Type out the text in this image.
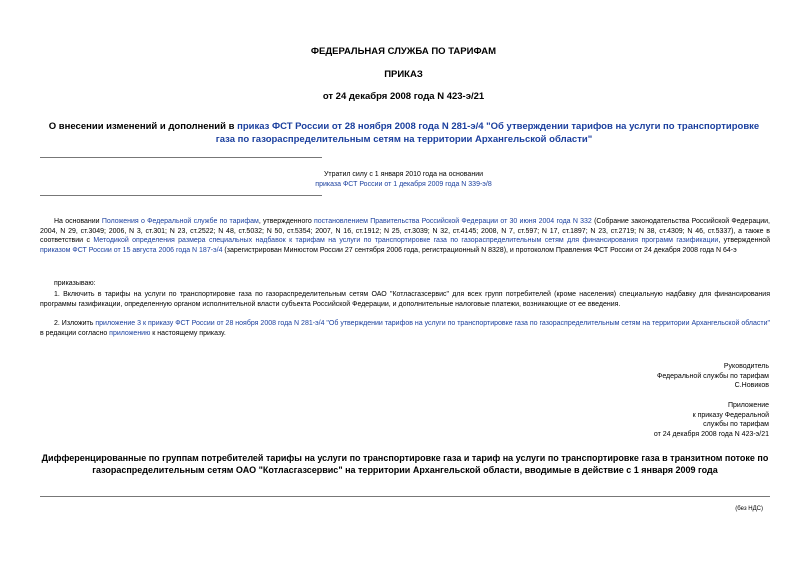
ФЕДЕРАЛЬНАЯ СЛУЖБА ПО ТАРИФАМ
ПРИКАЗ
от 24 декабря 2008 года N 423-э/21
О внесении изменений и дополнений в приказ ФСТ России от 28 ноября 2008 года N 281-э/4 "Об утверждении тарифов на услуги по транспортировке газа по газораспределительным сетям на территории Архангельской области"
Утратил силу с 1 января 2010 года на основании
приказа ФСТ России от 1 декабря 2009 года N 339-э/8
На основании Положения о Федеральной службе по тарифам, утвержденного постановлением Правительства Российской Федерации от 30 июня 2004 года N 332 (Собрание законодательства Российской Федерации, 2004, N 29, ст.3049; 2006, N 3, ст.301; N 23, ст.2522; N 48, ст.5032; N 50, ст.5354; 2007, N 16, ст.1912; N 25, ст.3039; N 32, ст.4145; 2008, N 7, ст.597; N 17, ст.1897; N 23, ст.2719; N 38, ст.4309; N 46, ст.5337), а также в соответствии с Методикой определения размера специальных надбавок к тарифам на услуги по транспортировке газа по газораспределительным сетям для финансирования программ газификации, утвержденной приказом ФСТ России от 15 августа 2006 года N 187-э/4 (зарегистрирован Минюстом России 27 сентября 2006 года, регистрационный N 8328), и протоколом Правления ФСТ России от 24 декабря 2008 года N 64-э
приказываю:
1. Включить в тарифы на услуги по транспортировке газа по газораспределительным сетям ОАО "Котласгазсервис" для всех групп потребителей (кроме населения) специальную надбавку для финансирования программы газификации, определенную органом исполнительной власти субъекта Российской Федерации, и дополнительные налоговые платежи, возникающие от ее введения.
2. Изложить приложение 3 к приказу ФСТ России от 28 ноября 2008 года N 281-э/4 "Об утверждении тарифов на услуги по транспортировке газа по газораспределительным сетям на территории Архангельской области" в редакции согласно приложению к настоящему приказу.
Руководитель
Федеральной службы по тарифам
С.Новиков
Приложение
к приказу Федеральной
службы по тарифам
от 24 декабря 2008 года N 423-э/21
Дифференцированные по группам потребителей тарифы на услуги по транспортировке газа и тариф на услуги по транспортировке газа в транзитном потоке по газораспределительным сетям ОАО "Котласгазсервис" на территории Архангельской области, вводимые в действие с 1 января 2009 года
(без НДС)
